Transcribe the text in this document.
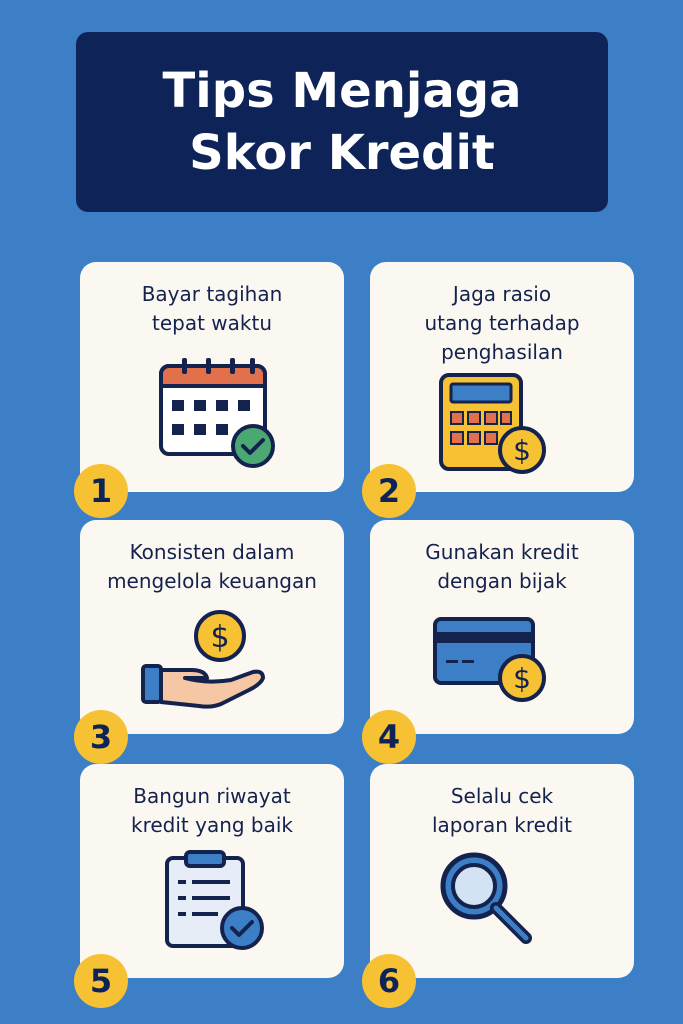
Tips Menjaga
Skor Kredit
Bayar tagihan
tepat waktu
1
Jaga rasio
utang terhadap
penghasilan
$
2
Konsisten dalam
mengelola keuangan
$
3
Gunakan kredit
dengan bijak
$
4
Bangun riwayat
kredit yang baik
5
Selalu cek
laporan kredit
6
